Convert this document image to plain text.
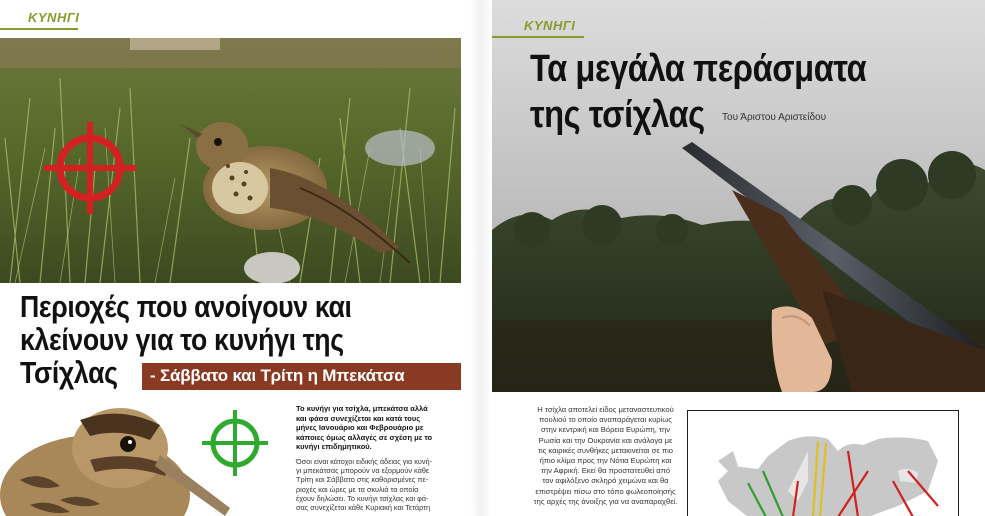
Περιοχές που ανοίγουν και
κλείνουν για το κυνήγι της
Τσίχλας	- Σάββατο και Τρίτη η Μπεκάτσα
Το κυνήγι για τσίχλα, μπεκάτσα αλλά
και φάσα συνεχίζεται και κατά τους
μήνες Ιανουάριο και Φεβρουάριο με
κάποιες όμως αλλαγές σε σχέση με το
κυνήγι επιδημητικού.
Όσοι είναι κάτοχοι ειδικής άδειας για κυνή-
γι μπεκάτσας μπορούν να εξορμούν κάθε
Τρίτη και Σάββατο στις καθορισμένες πε-
ριοχές και ώρες με τα σκυλιά τα οποία
έχουν δηλώσει. Το κυνήγι τσίχλας και φά-
σας συνεχίζεται κάθε Κυριακή και Τετάρτη
ΚΥΝΗΓΙ
ΚΥΝΗΓΙ
Τα μεγάλα περάσματα
της τσίχλας	Του Άριστου Αριστείδου
Η τσίχλα αποτελεί είδος μεταναστευτικού
πουλιού το οποίο αναπαράγεται κυρίως
στην κεντρική και Βόρεια Ευρώπη, την
Ρωσία και την Ουκρανία και ανάλογα με
τις καιρικές συνθήκες μετακινείται σε πιο
ήπιο κλίμα προς την Νότια Ευρώπη και
την Αφρική. Εκεί θα προστατευθεί από
τον αφιλόξενο σκληρό χειμώνα και θα
επιστρέψει πίσω στο τόπο φωλεοποίησής
της αρχές της άνοιξης για να αναπαραχθεί.
